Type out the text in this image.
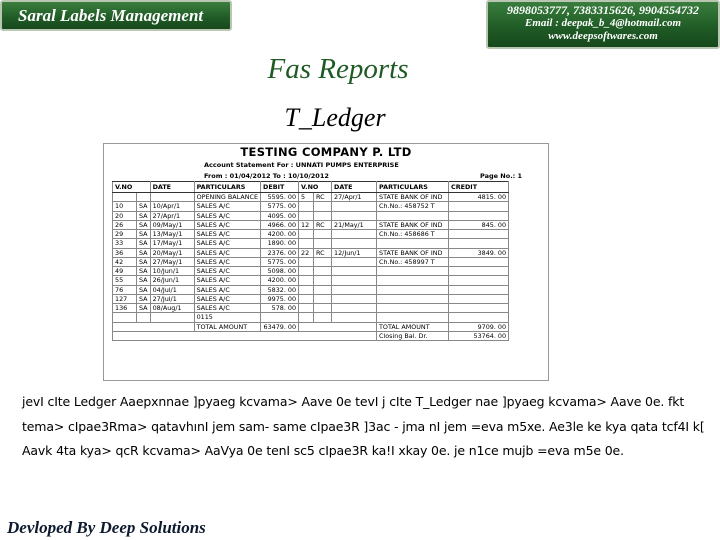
Saral Labels Management	9898053777, 7383315626, 9904554732
Email : deepak_b_4@hotmail.com
www.deepsoftwares.com
Fas Reports
T_Ledger
TESTING COMPANY P. LTD
Account Statement For : UNNATI PUMPS ENTERPRISE
From : 01/04/2012 To : 10/10/2012	Page No.: 1
V.NO		DATE	PARTICULARS	DEBIT	V.NO		DATE	PARTICULARS	CREDIT
			OPENING BALANCE	5595. 00	5	RC	27/Apr/1	STATE BANK OF IND	4815. 00
10	SA	10/Apr/1	SALES A/C	5775. 00				Ch.No.: 458752 T	
20	SA	27/Apr/1	SALES A/C	4095. 00					
26	SA	09/May/1	SALES A/C	4966. 00	12	RC	21/May/1	STATE BANK OF IND	845. 00
29	SA	13/May/1	SALES A/C	4200. 00				Ch.No.: 458686 T	
33	SA	17/May/1	SALES A/C	1890. 00					
36	SA	20/May/1	SALES A/C	2376. 00	22	RC	12/Jun/1	STATE BANK OF IND	3849. 00
42	SA	27/May/1	SALES A/C	5775. 00				Ch.No.: 458997 T	
49	SA	10/Jun/1	SALES A/C	5098. 00					
55	SA	26/Jun/1	SALES A/C	4200. 00					
76	SA	04/Jul/1	SALES A/C	5832. 00					
127	SA	27/Jul/1	SALES A/C	9975. 00					
136	SA	08/Aug/1	SALES A/C	578. 00					
			0115						
			TOTAL AMOUNT	63479. 00				TOTAL AMOUNT	9709. 00
								Closing Bal. Dr.	53764. 00
jevI cIte Ledger Aaepxnnae ]pyaeg kcvama> Aave 0e tevI j cIte T_Ledger nae ]pyaeg kcvama> Aave 0e. fkt tema> cIpae3Rma> qatavhınI jem sam- same cIpae3R ]3ac - jma nI jem =eva m5xe. Ae3le ke kya qata tcf4I k[ Aavk 4ta kya> qcR kcvama> AaVya 0e tenI sc5 cIpae3R ka!I xkay 0e. je n1ce mujb =eva m5e 0e.
Devloped By Deep Solutions
